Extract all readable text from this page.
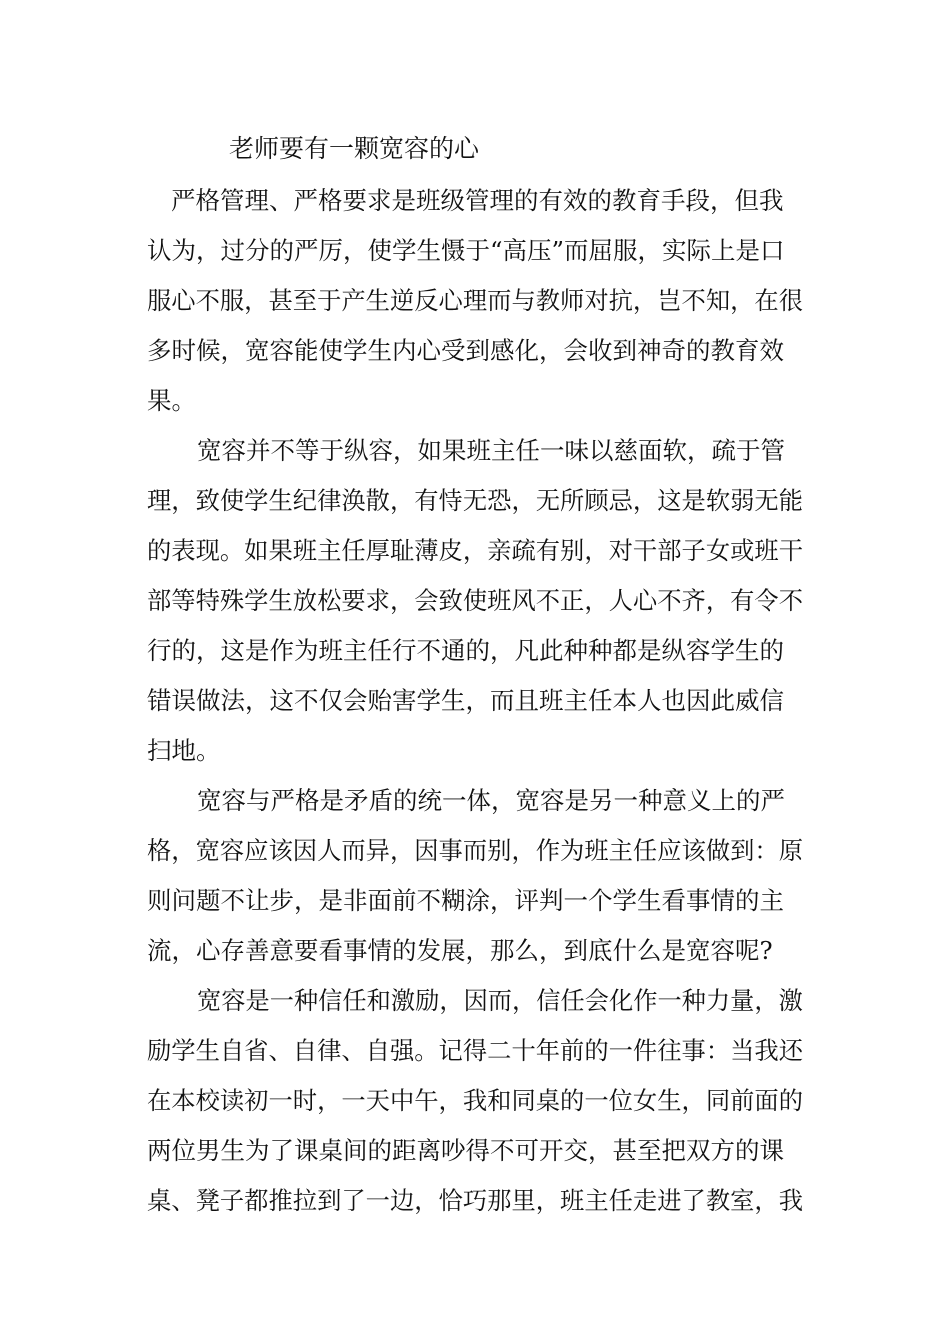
老师要有一颗宽容的心
严格管理、严格要求是班级管理的有效的教育手段，但我
认为，过分的严厉，使学生慑于“高压”而屈服，实际上是口
服心不服，甚至于产生逆反心理而与教师对抗，岂不知，在很
多时候，宽容能使学生内心受到感化，会收到神奇的教育效
果。
宽容并不等于纵容，如果班主任一味以慈面软，疏于管
理，致使学生纪律涣散，有恃无恐，无所顾忌，这是软弱无能
的表现。如果班主任厚耻薄皮，亲疏有别，对干部子女或班干
部等特殊学生放松要求，会致使班风不正，人心不齐，有令不
行的，这是作为班主任行不通的，凡此种种都是纵容学生的
错误做法，这不仅会贻害学生，而且班主任本人也因此威信
扫地。
宽容与严格是矛盾的统一体，宽容是另一种意义上的严
格，宽容应该因人而异，因事而别，作为班主任应该做到：原
则问题不让步，是非面前不糊涂，评判一个学生看事情的主
流，心存善意要看事情的发展，那么，到底什么是宽容呢?
宽容是一种信任和激励，因而，信任会化作一种力量，激
励学生自省、自律、自强。记得二十年前的一件往事：当我还
在本校读初一时，一天中午，我和同桌的一位女生，同前面的
两位男生为了课桌间的距离吵得不可开交，甚至把双方的课
桌、凳子都推拉到了一边，恰巧那里，班主任走进了教室，我
